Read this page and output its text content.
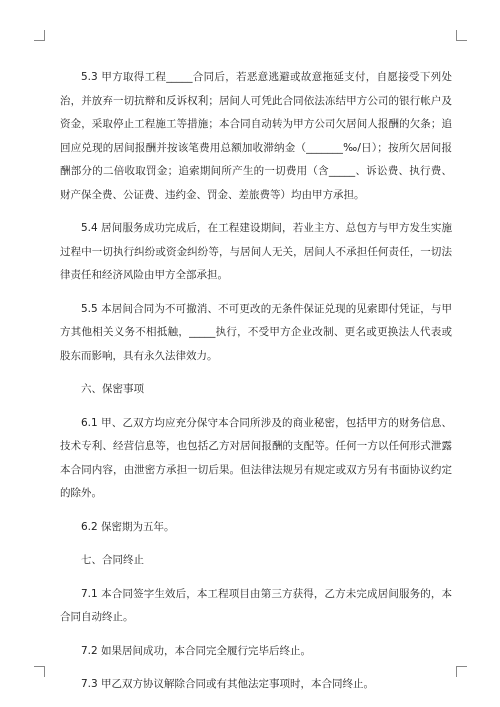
5.3 甲方取得工程_____合同后，若恶意逃避或故意拖延支付，自愿接受下列处治，并放弃一切抗辩和反诉权利；居间人可凭此合同依法冻结甲方公司的银行帐户及资金，采取停止工程施工等措施；本合同自动转为甲方公司欠居间人报酬的欠条；追回应兑现的居间报酬并按该笔费用总额加收滞纳金（_______‰/日）；按所欠居间报酬部分的二倍收取罚金；追索期间所产生的一切费用（含_____、诉讼费、执行费、财产保全费、公证费、违约金、罚金、差旅费等）均由甲方承担。

5.4 居间服务成功完成后，在工程建设期间，若业主方、总包方与甲方发生实施过程中一切执行纠纷或资金纠纷等，与居间人无关，居间人不承担任何责任，一切法律责任和经济风险由甲方全部承担。

5.5 本居间合同为不可撤消、不可更改的无条件保证兑现的见索即付凭证，与甲方其他相关义务不相抵触，_____执行，不受甲方企业改制、更名或更换法人代表或股东而影响，具有永久法律效力。

六、保密事项

6.1 甲、乙双方均应充分保守本合同所涉及的商业秘密，包括甲方的财务信息、技术专利、经营信息等，也包括乙方对居间报酬的支配等。任何一方以任何形式泄露本合同内容，由泄密方承担一切后果。但法律法规另有规定或双方另有书面协议约定的除外。

6.2 保密期为五年。

七、合同终止

7.1 本合同签字生效后，本工程项目由第三方获得，乙方未完成居间服务的，本合同自动终止。

7.2 如果居间成功，本合同完全履行完毕后终止。

7.3 甲乙双方协议解除合同或有其他法定事项时，本合同终止。
